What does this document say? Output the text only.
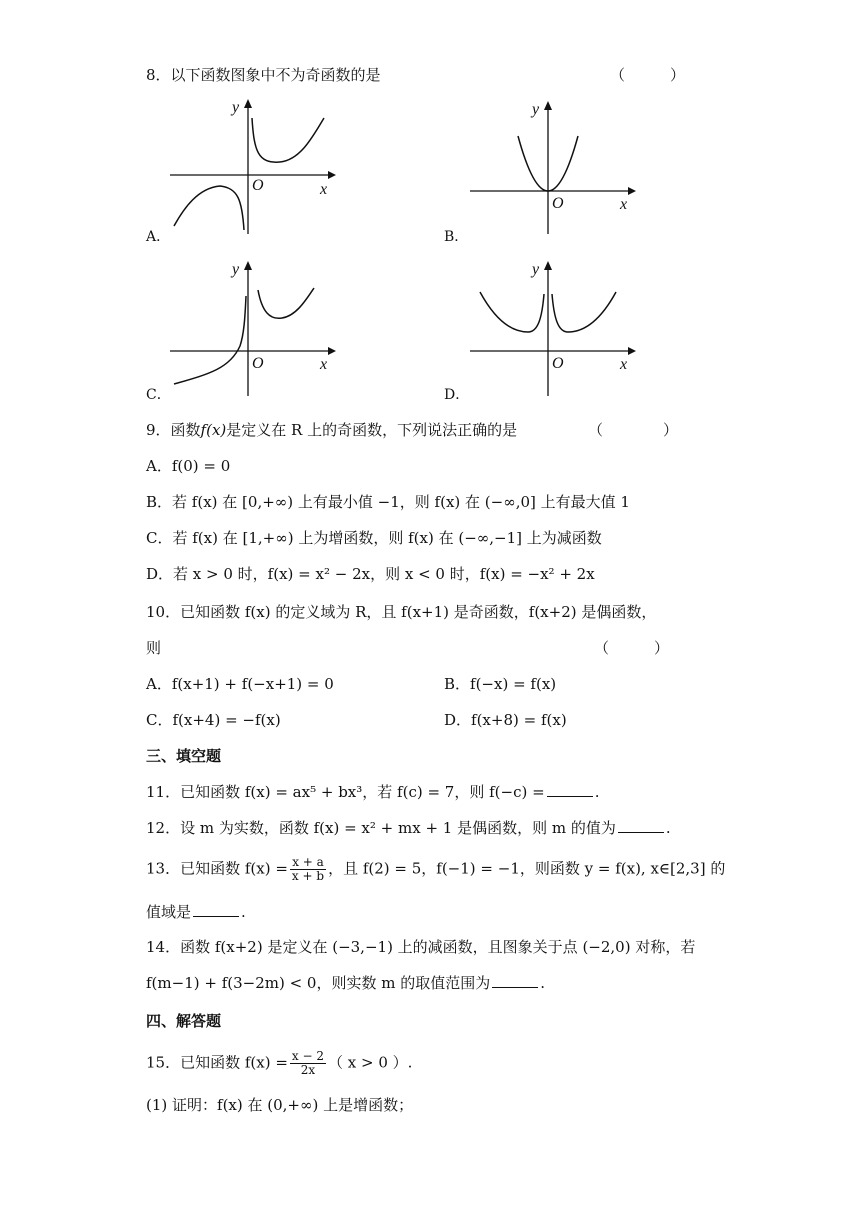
8．以下函数图象中不为奇函数的是	（　　　）
y
x
O
A．
y
x
O
B．
y
x
O
C．
y
x
O
D．
9．函数f(x)是定义在 R 上的奇函数，下列说法正确的是	（　　　　）
A．f(0) = 0
B．若 f(x) 在 [0,+∞) 上有最小值 −1，则 f(x) 在 (−∞,0] 上有最大值 1
C．若 f(x) 在 [1,+∞) 上为增函数，则 f(x) 在 (−∞,−1] 上为减函数
D．若 x > 0 时，f(x) = x² − 2x，则 x < 0 时，f(x) = −x² + 2x
10．已知函数 f(x) 的定义域为 R，且 f(x+1) 是奇函数，f(x+2) 是偶函数，
则	（　　　）
A．f(x+1) + f(−x+1) = 0	B．f(−x) = f(x)
C．f(x+4) = −f(x)	D．f(x+8) = f(x)
三、填空题
11．已知函数 f(x) = ax⁵ + bx³，若 f(c) = 7，则 f(−c) =	.
12．设 m 为实数，函数 f(x) = x² + mx + 1 是偶函数，则 m 的值为	.
13．已知函数 $f(x) = \frac{x + a}{x + b}$ ，且 f(2) = 5，f(−1) = −1，则函数 y = f(x), x∈[2,3] 的
值域是	.
14．函数 f(x+2) 是定义在 (−3,−1) 上的减函数，且图象关于点 (−2,0) 对称，若
f(m−1) + f(3−2m) < 0，则实数 m 的取值范围为	.
四、解答题
15．已知函数 $f(x) = \frac{x - 2}{2x}$ （ x > 0 ）.
(1) 证明：f(x) 在 (0,+∞) 上是增函数；
